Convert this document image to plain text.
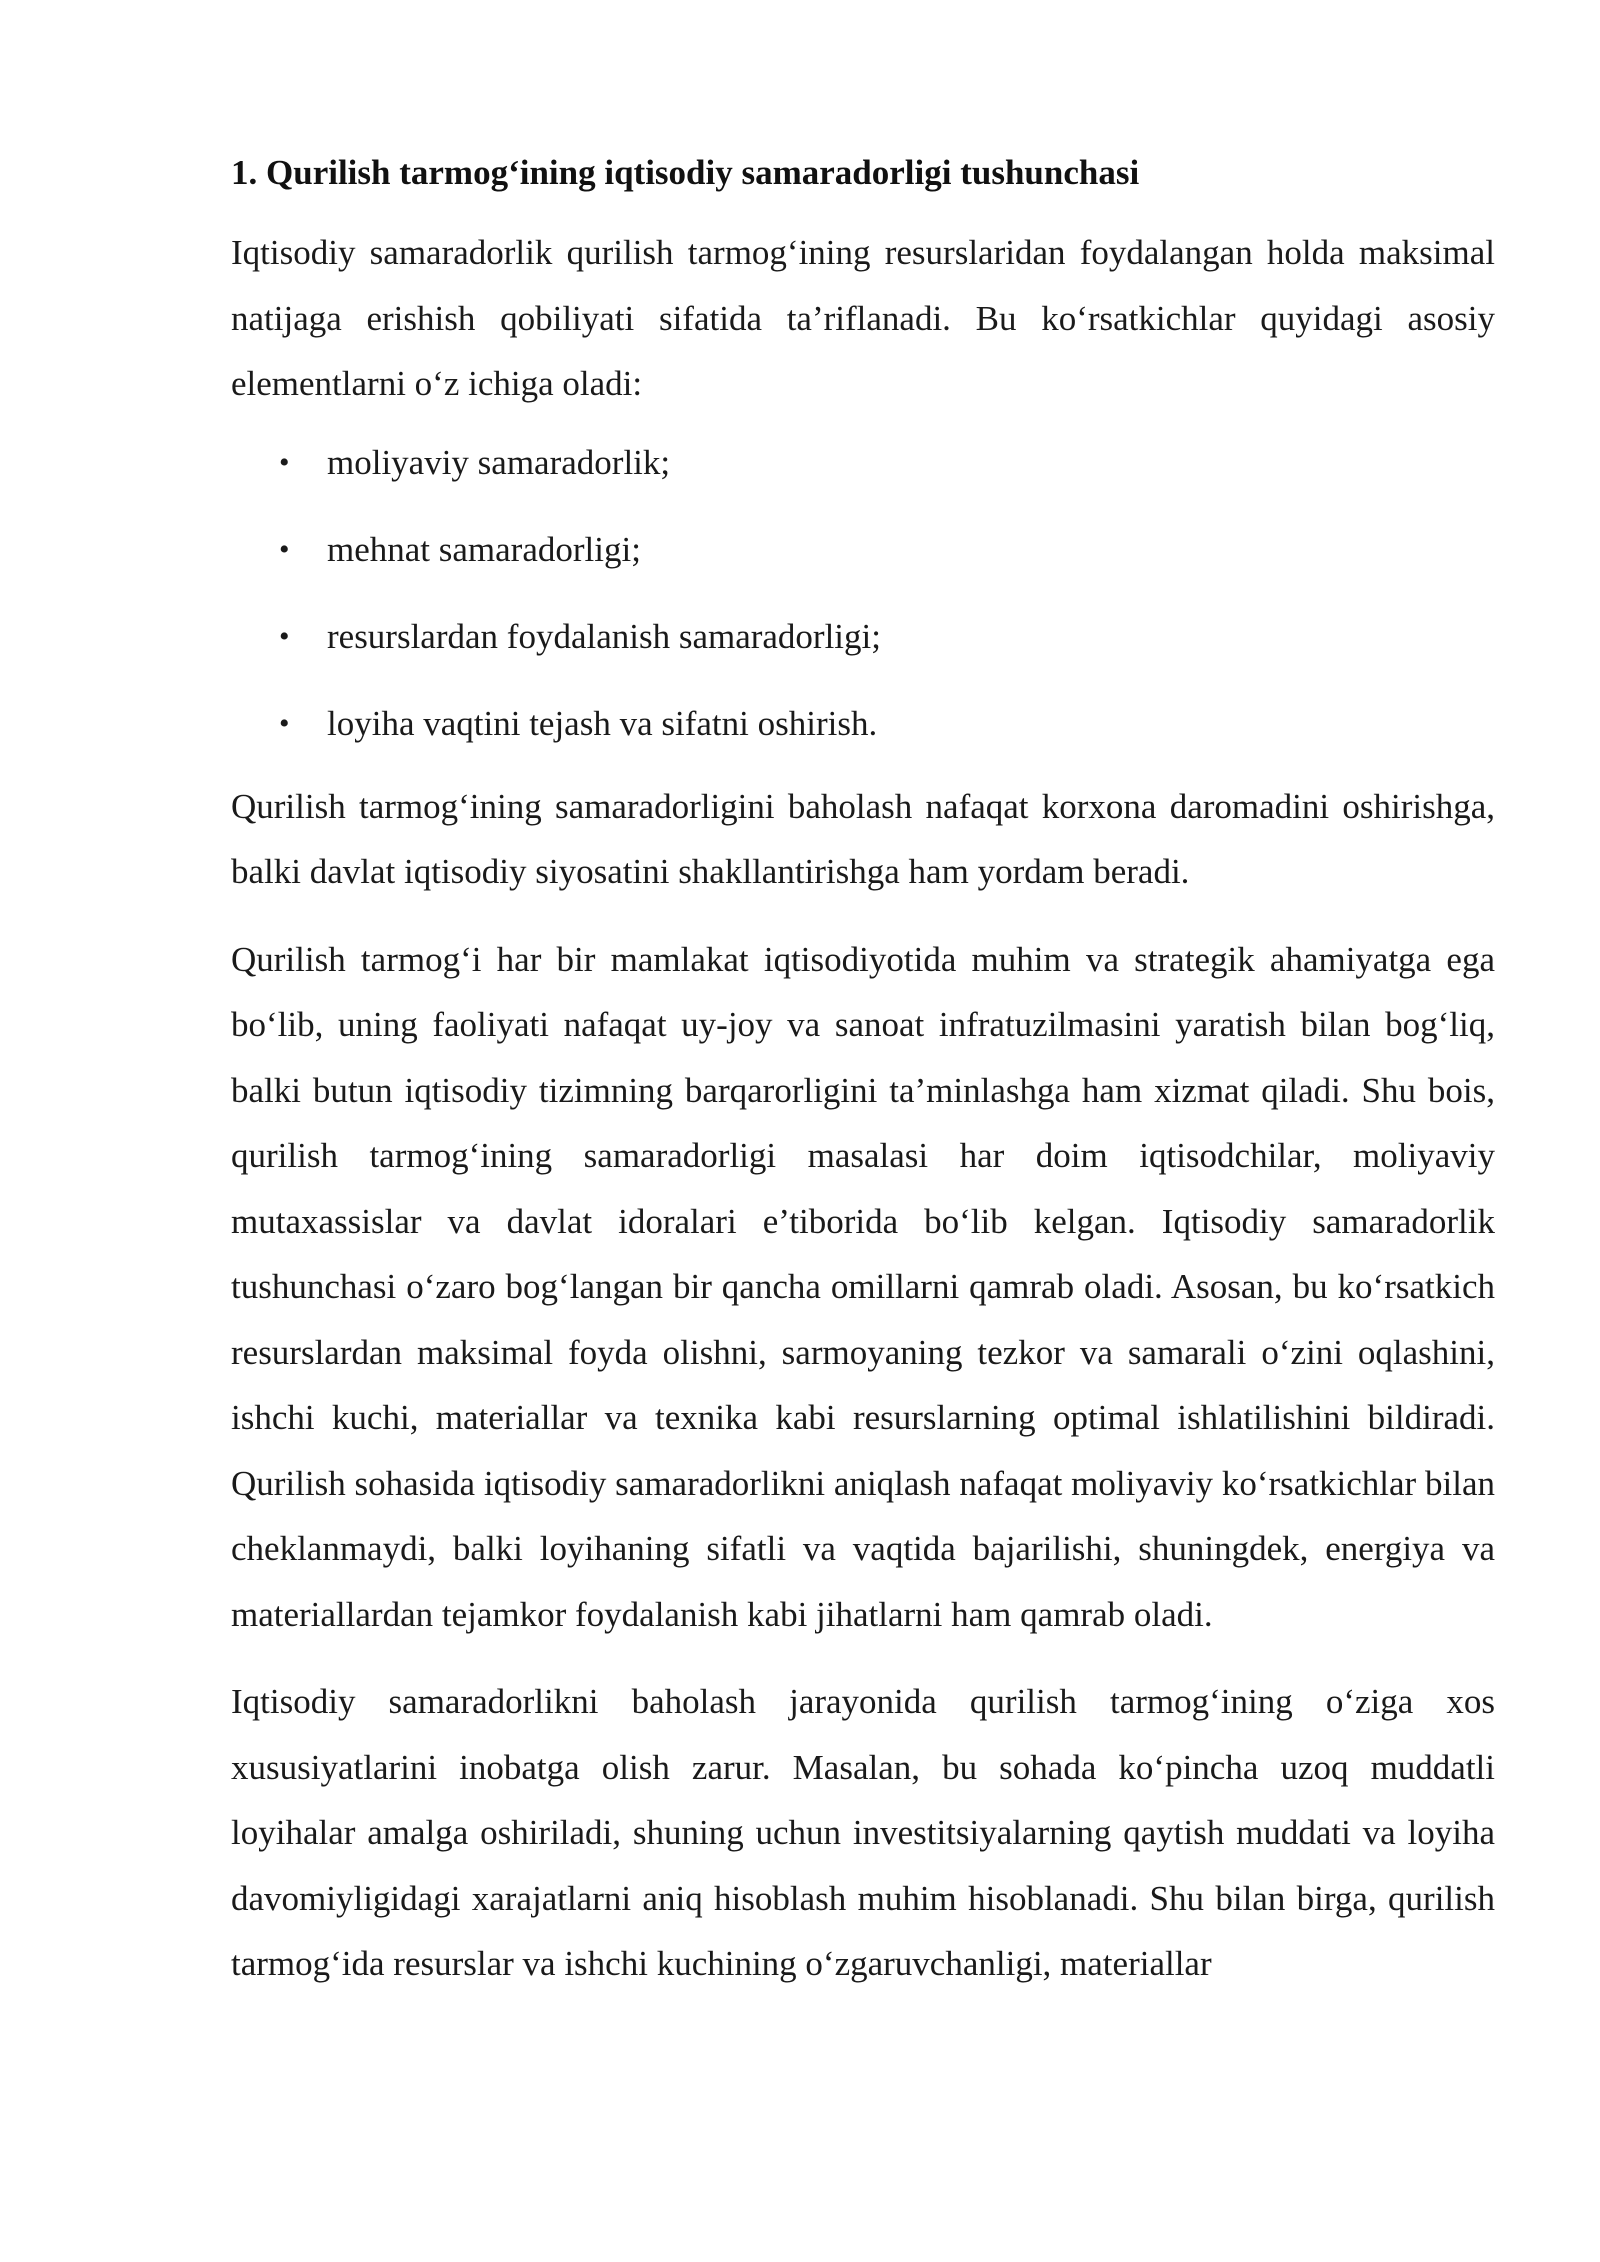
1. Qurilish tarmog‘ining iqtisodiy samaradorligi tushunchasi

Iqtisodiy samaradorlik qurilish tarmog‘ining resurslaridan foydalangan holda maksimal natijaga erishish qobiliyati sifatida ta’riflanadi. Bu ko‘rsatkichlar quyidagi asosiy elementlarni o‘z ichiga oladi:

• moliyaviy samaradorlik;
• mehnat samaradorligi;
• resurslardan foydalanish samaradorligi;
• loyiha vaqtini tejash va sifatni oshirish.

Qurilish tarmog‘ining samaradorligini baholash nafaqat korxona daromadini oshirishga, balki davlat iqtisodiy siyosatini shakllantirishga ham yordam beradi.

Qurilish tarmog‘i har bir mamlakat iqtisodiyotida muhim va strategik ahamiyatga ega bo‘lib, uning faoliyati nafaqat uy-joy va sanoat infratuzilmasini yaratish bilan bog‘liq, balki butun iqtisodiy tizimning barqarorligini ta’minlashga ham xizmat qiladi. Shu bois, qurilish tarmog‘ining samaradorligi masalasi har doim iqtisodchilar, moliyaviy mutaxassislar va davlat idoralari e’tiborida bo‘lib kelgan. Iqtisodiy samaradorlik tushunchasi o‘zaro bog‘langan bir qancha omillarni qamrab oladi. Asosan, bu ko‘rsatkich resurslardan maksimal foyda olishni, sarmoyaning tezkor va samarali o‘zini oqlashini, ishchi kuchi, materiallar va texnika kabi resurslarning optimal ishlatilishini bildiradi. Qurilish sohasida iqtisodiy samaradorlikni aniqlash nafaqat moliyaviy ko‘rsatkichlar bilan cheklanmaydi, balki loyihaning sifatli va vaqtida bajarilishi, shuningdek, energiya va materiallardan tejamkor foydalanish kabi jihatlarni ham qamrab oladi.

Iqtisodiy samaradorlikni baholash jarayonida qurilish tarmog‘ining o‘ziga xos xususiyatlarini inobatga olish zarur. Masalan, bu sohada ko‘pincha uzoq muddatli loyihalar amalga oshiriladi, shuning uchun investitsiyalarning qaytish muddati va loyiha davomiyligidagi xarajatlarni aniq hisoblash muhim hisoblanadi. Shu bilan birga, qurilish tarmog‘ida resurslar va ishchi kuchining o‘zgaruvchanligi, materiallar
